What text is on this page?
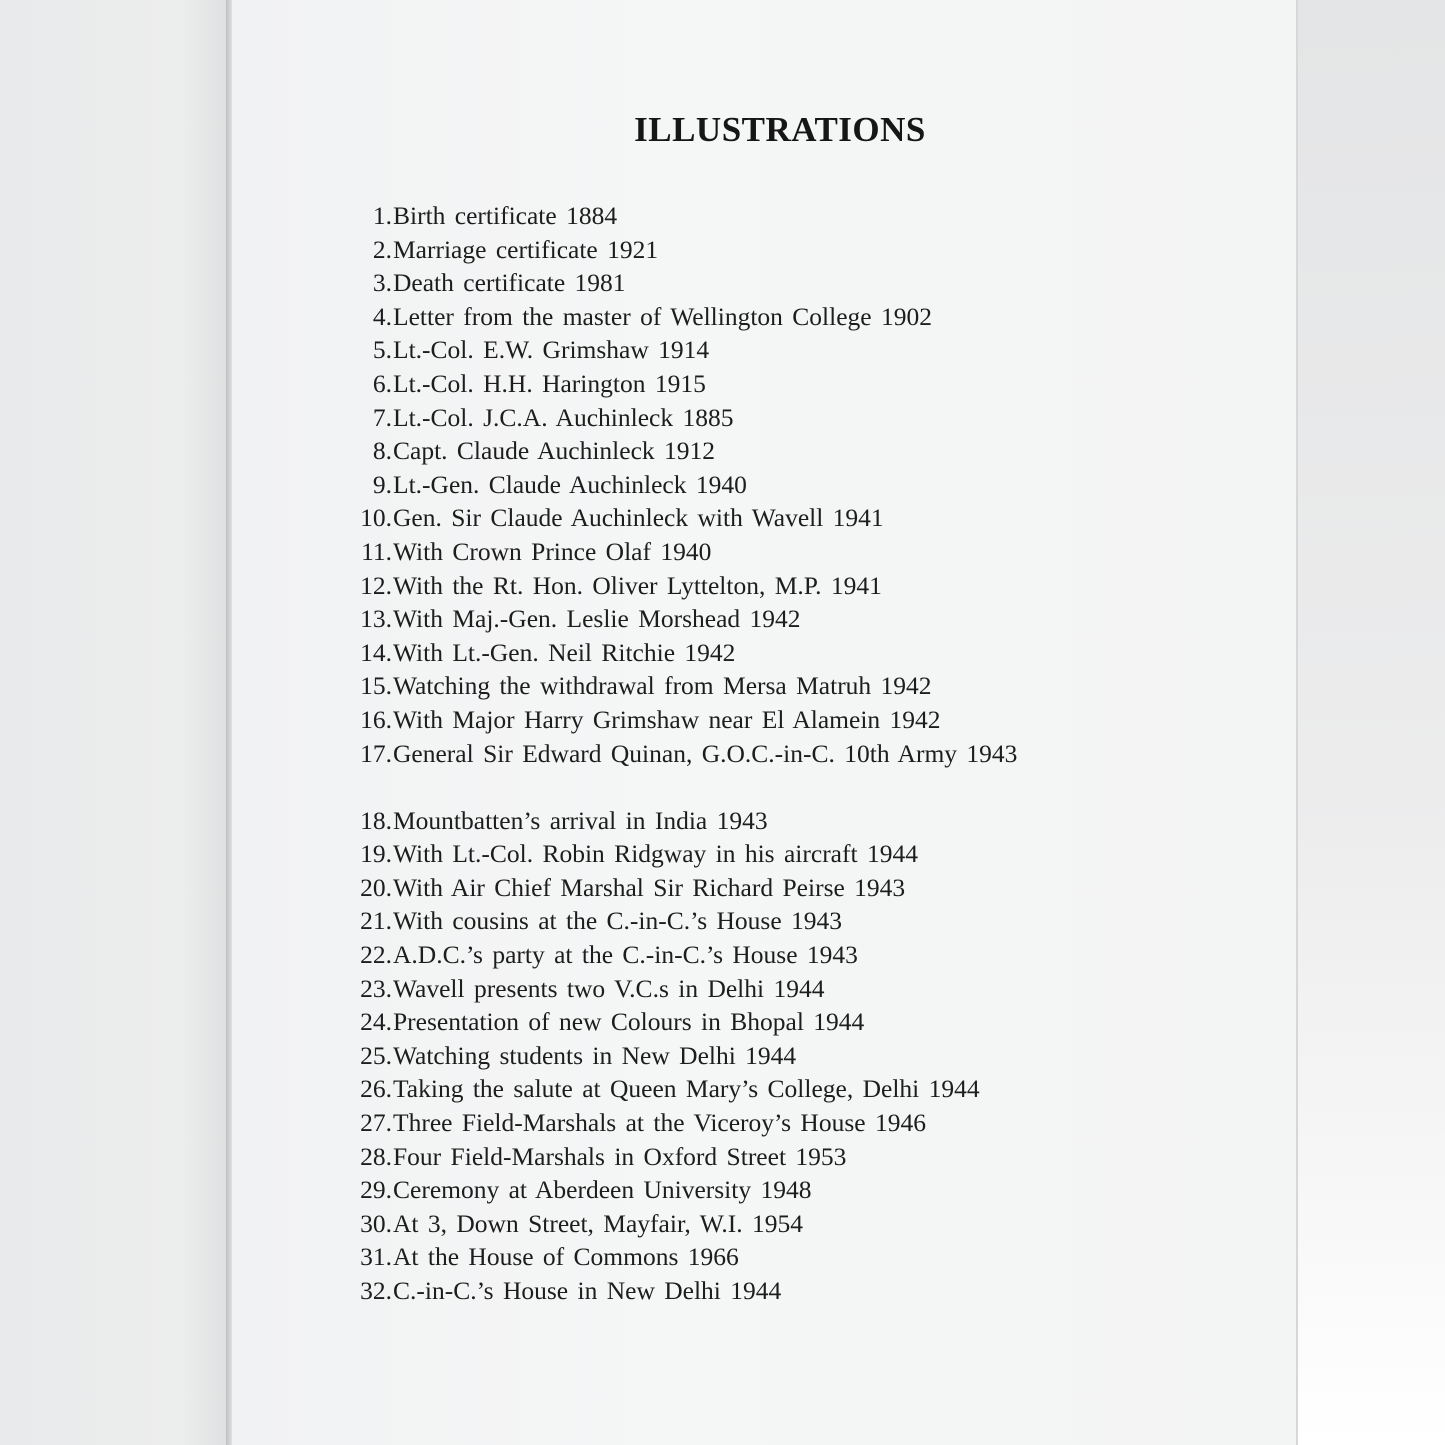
ILLUSTRATIONS
1. Birth certificate 1884
2. Marriage certificate 1921
3. Death certificate 1981
4. Letter from the master of Wellington College 1902
5. Lt.-Col. E.W. Grimshaw 1914
6. Lt.-Col. H.H. Harington 1915
7. Lt.-Col. J.C.A. Auchinleck 1885
8. Capt. Claude Auchinleck 1912
9. Lt.-Gen. Claude Auchinleck 1940
10. Gen. Sir Claude Auchinleck with Wavell 1941
11. With Crown Prince Olaf 1940
12. With the Rt. Hon. Oliver Lyttelton, M.P. 1941
13. With Maj.-Gen. Leslie Morshead 1942
14. With Lt.-Gen. Neil Ritchie 1942
15. Watching the withdrawal from Mersa Matruh 1942
16. With Major Harry Grimshaw near El Alamein 1942
17. General Sir Edward Quinan, G.O.C.-in-C. 10th Army 1943
18. Mountbatten’s arrival in India 1943
19. With Lt.-Col. Robin Ridgway in his aircraft 1944
20. With Air Chief Marshal Sir Richard Peirse 1943
21. With cousins at the C.-in-C.’s House 1943
22. A.D.C.’s party at the C.-in-C.’s House 1943
23. Wavell presents two V.C.s in Delhi 1944
24. Presentation of new Colours in Bhopal 1944
25. Watching students in New Delhi 1944
26. Taking the salute at Queen Mary’s College, Delhi 1944
27. Three Field-Marshals at the Viceroy’s House 1946
28. Four Field-Marshals in Oxford Street 1953
29. Ceremony at Aberdeen University 1948
30. At 3, Down Street, Mayfair, W.I. 1954
31. At the House of Commons 1966
32. C.-in-C.’s House in New Delhi 1944
